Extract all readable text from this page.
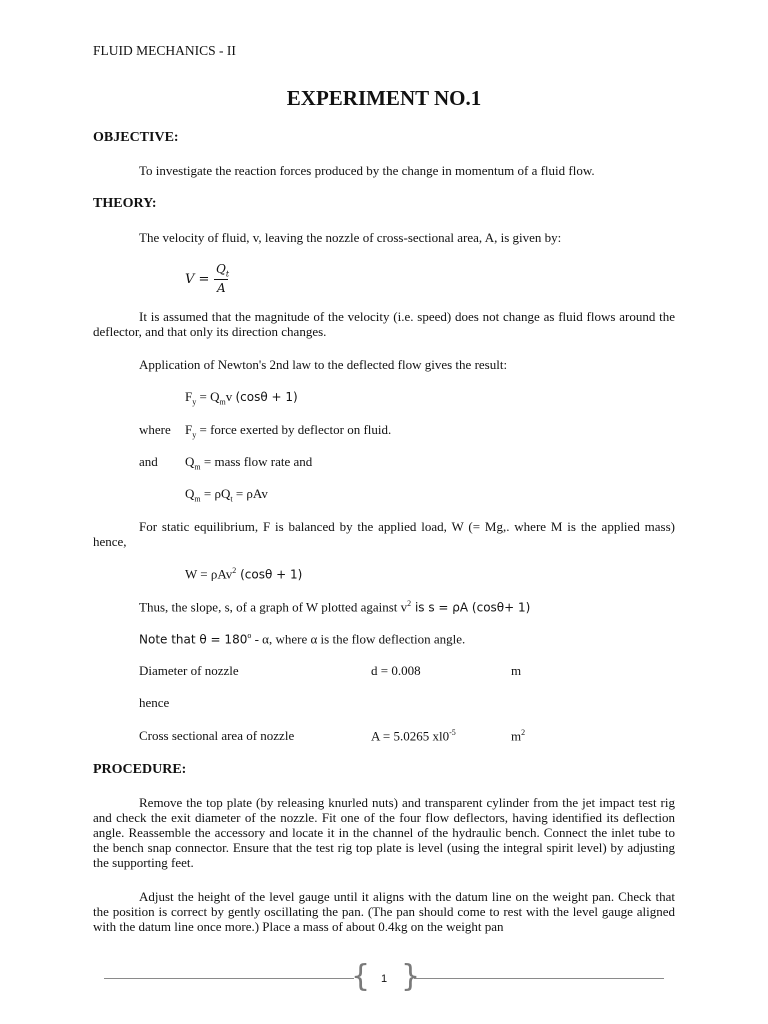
FLUID MECHANICS - II
EXPERIMENT NO.1
OBJECTIVE:
To investigate the reaction forces produced by the change in momentum of a fluid flow.
THEORY:
The velocity of fluid, v, leaving the nozzle of cross-sectional area, A, is given by:
V =
$Q_t$
A
It is assumed that the magnitude of the velocity (i.e. speed) does not change as fluid flows around the deflector, and that only its direction changes.
Application of Newton's 2nd law to the deflected flow gives the result:
$F_y = Q_mv$ (cosθ + 1)
where $F_y$ = force exerted by deflector on fluid.
and $Q_m$ = mass flow rate and
$Q_m = \rho Q_t = \rho Av$
For static equilibrium, F is balanced by the applied load, W (= Mg,. where M is the applied mass) hence,
W = ρAv$^2$ (cosθ + 1)
Thus, the slope, s, of a graph of W plotted against $v^2$ is s = ρA (cosθ+ 1)
Note that $\theta = 180^o - \alpha$, where α is the flow deflection angle.
Diameter of nozzle	d = 0.008	m
hence
Cross sectional area of nozzle	A = 5.0265 $xl0^{-5}$	$m^2$
PROCEDURE:
Remove the top plate (by releasing knurled nuts) and transparent cylinder from the jet impact test rig and check the exit diameter of the nozzle. Fit one of the four flow deflectors, having identified its deflection angle. Reassemble the accessory and locate it in the channel of the hydraulic bench. Connect the inlet tube to the bench snap connector. Ensure that the test rig top plate is level (using the integral spirit level) by adjusting the supporting feet.
Adjust the height of the level gauge until it aligns with the datum line on the weight pan. Check that the position is correct by gently oscillating the pan. (The pan should come to rest with the level gauge aligned with the datum line once more.) Place a mass of about 0.4kg on the weight pan
{ }
1
